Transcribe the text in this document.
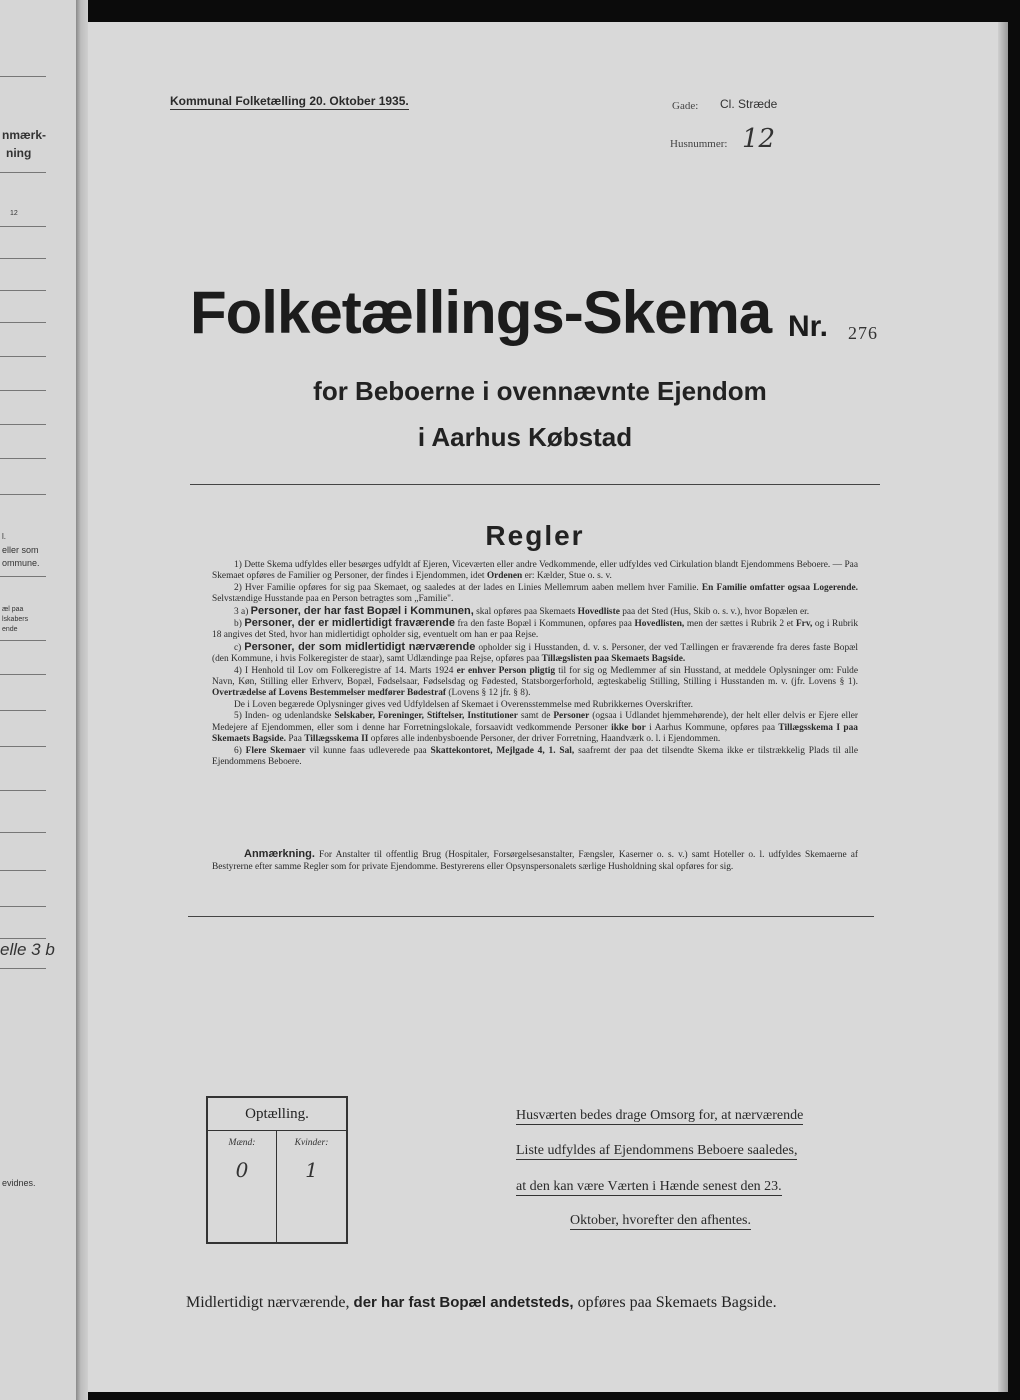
nmærk-
ning
12
l.
eller som
ommune.
æl paa
lskabers
ende
elle 3 b
evidnes.
Kommunal Folketælling 20. Oktober 1935.	Gade: Cl. Stræde
Husnummer: 12
Folketællings-Skema Nr. 276
for Beboerne i ovennævnte Ejendom
i Aarhus Købstad
Regler

1) Dette Skema udfyldes eller besørges udfyldt af Ejeren, Viceværten eller andre Vedkommende, eller udfyldes ved Cirkulation blandt Ejendommens Beboere. — Paa Skemaet opføres de Familier og Personer, der findes i Ejendommen, idet Ordenen er: Kælder, Stue o. s. v.

2) Hver Familie opføres for sig paa Skemaet, og saaledes at der lades en Linies Mellemrum aaben mellem hver Familie. En Familie omfatter ogsaa Logerende. Selvstændige Husstande paa en Person betragtes som „Familie".

3 a) Personer, der har fast Bopæl i Kommunen, skal opføres paa Skemaets Hovedliste paa det Sted (Hus, Skib o. s. v.), hvor Bopælen er.

b) Personer, der er midlertidigt fraværende fra den faste Bopæl i Kommunen, opføres paa Hovedlisten, men der sættes i Rubrik 2 et Frv, og i Rubrik 18 angives det Sted, hvor han midlertidigt opholder sig, eventuelt om han er paa Rejse.

c) Personer, der som midlertidigt nærværende opholder sig i Husstanden, d. v. s. Personer, der ved Tællingen er fraværende fra deres faste Bopæl (den Kommune, i hvis Folkeregister de staar), samt Udlændinge paa Rejse, opføres paa Tillægslisten paa Skemaets Bagside.

4) I Henhold til Lov om Folkeregistre af 14. Marts 1924 er enhver Person pligtig til for sig og Medlemmer af sin Husstand, at meddele Oplysninger om: Fulde Navn, Køn, Stilling eller Erhverv, Bopæl, Fødselsaar, Fødselsdag og Fødested, Statsborgerforhold, ægteskabelig Stilling, Stilling i Husstanden m. v. (jfr. Lovens § 1). Overtrædelse af Lovens Bestemmelser medfører Bødestraf (Lovens § 12 jfr. § 8).

De i Loven begærede Oplysninger gives ved Udfyldelsen af Skemaet i Overensstemmelse med Rubrikkernes Overskrifter.

5) Inden- og udenlandske Selskaber, Foreninger, Stiftelser, Institutioner samt de Personer (ogsaa i Udlandet hjemmehørende), der helt eller delvis er Ejere eller Medejere af Ejendommen, eller som i denne har Forretningslokale, forsaavidt vedkommende Personer ikke bor i Aarhus Kommune, opføres paa Tillægsskema I paa Skemaets Bagside. Paa Tillægsskema II opføres alle indenbysboende Personer, der driver Forretning, Haandværk o. l. i Ejendommen.

6) Flere Skemaer vil kunne faas udleverede paa Skattekontoret, Mejlgade 4, 1. Sal, saafremt der paa det tilsendte Skema ikke er tilstrækkelig Plads til alle Ejendommens Beboere.

Anmærkning. For Anstalter til offentlig Brug (Hospitaler, Forsørgelsesanstalter, Fængsler, Kaserner o. s. v.) samt Hoteller o. l. udfyldes Skemaerne af Bestyrerne efter samme Regler som for private Ejendomme. Bestyrerens eller Opsynspersonalets særlige Husholdning skal opføres for sig.
Optælling.
Mænd:	Kvinder:
0	1
Husværten bedes drage Omsorg for, at nærværende
Liste udfyldes af Ejendommens Beboere saaledes,
at den kan være Værten i Hænde senest den 23.
Oktober, hvorefter den afhentes.
Midlertidigt nærværende, der har fast Bopæl andetsteds, opføres paa Skemaets Bagside.
